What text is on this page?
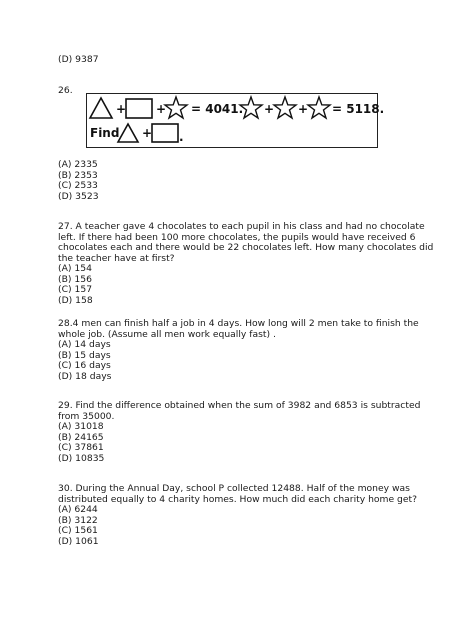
(D) 9387
26.
+ + = 4041. + + = 5118.
Find + .
(A) 2335
(B) 2353
(C) 2533
(D) 3523
27. A teacher gave 4 chocolates to each pupil in his class and had no chocolate
left. If there had been 100 more chocolates, the pupils would have received 6
chocolates each and there would be 22 chocolates left. How many chocolates did
the teacher have at first?
(A) 154
(B) 156
(C) 157
(D) 158
28.4 men can finish half a job in 4 days. How long will 2 men take to finish the
whole job. (Assume all men work equally fast) .
(A) 14 days
(B) 15 days
(C) 16 days
(D) 18 days
29. Find the difference obtained when the sum of 3982 and 6853 is subtracted
from 35000.
(A) 31018
(B) 24165
(C) 37861
(D) 10835
30. During the Annual Day, school P collected 12488. Half of the money was
distributed equally to 4 charity homes. How much did each charity home get?
(A) 6244
(B) 3122
(C) 1561
(D) 1061
